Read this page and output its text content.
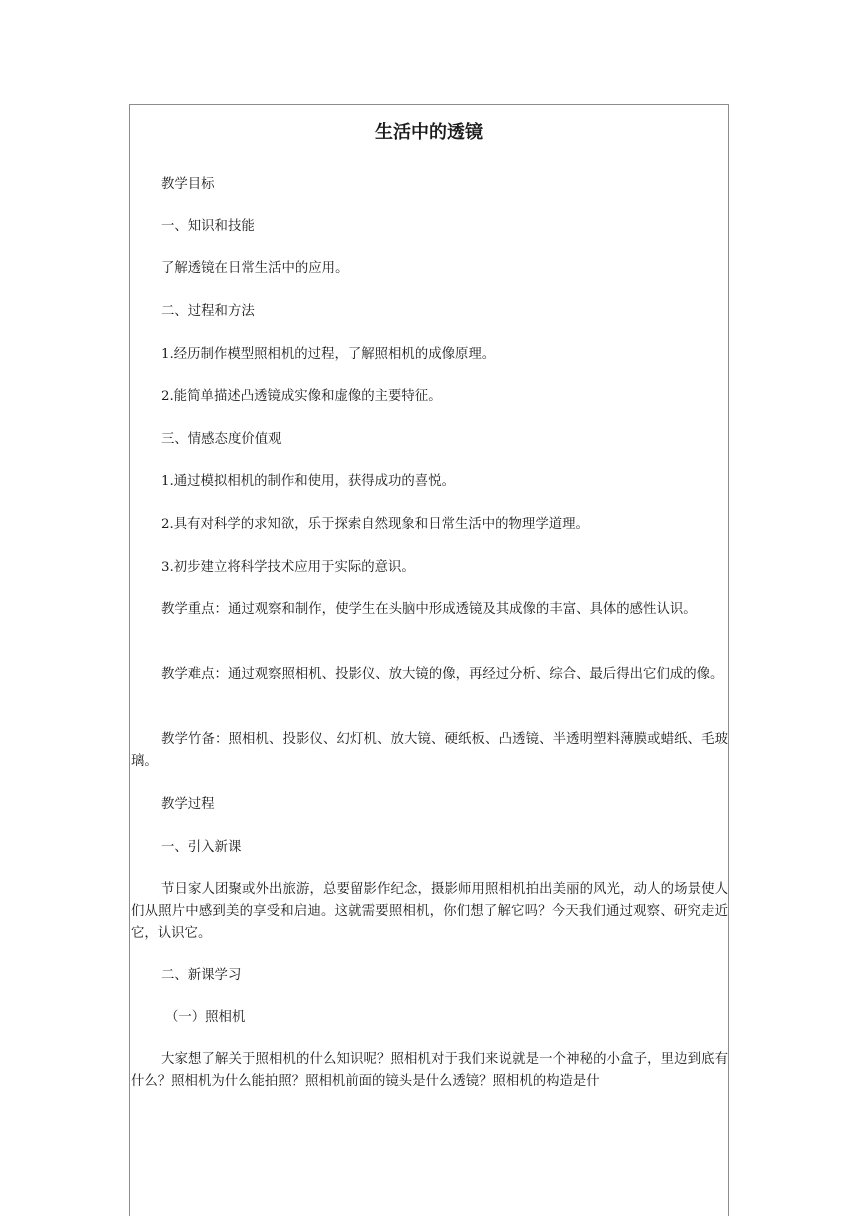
生活中的透镜

教学目标

一、知识和技能

了解透镜在日常生活中的应用。

二、过程和方法

1.经历制作模型照相机的过程，了解照相机的成像原理。

2.能简单描述凸透镜成实像和虚像的主要特征。

三、情感态度价值观

1.通过模拟相机的制作和使用，获得成功的喜悦。

2.具有对科学的求知欲，乐于探索自然现象和日常生活中的物理学道理。

3.初步建立将科学技术应用于实际的意识。

教学重点：通过观察和制作，使学生在头脑中形成透镜及其成像的丰富、具体的感性认识。

教学难点：通过观察照相机、投影仪、放大镜的像，再经过分析、综合、最后得出它们成的像。

教学竹备：照相机、投影仪、幻灯机、放大镜、硬纸板、凸透镜、半透明塑料薄膜或蜡纸、毛玻璃。

教学过程

一、引入新课

节日家人团聚或外出旅游，总要留影作纪念，摄影师用照相机拍出美丽的风光，动人的场景使人们从照片中感到美的享受和启迪。这就需要照相机，你们想了解它吗？今天我们通过观察、研究走近它，认识它。

二、新课学习

（一）照相机

大家想了解关于照相机的什么知识呢？照相机对于我们来说就是一个神秘的小盒子，里边到底有什么？照相机为什么能拍照？照相机前面的镜头是什么透镜？照相机的构造是什
